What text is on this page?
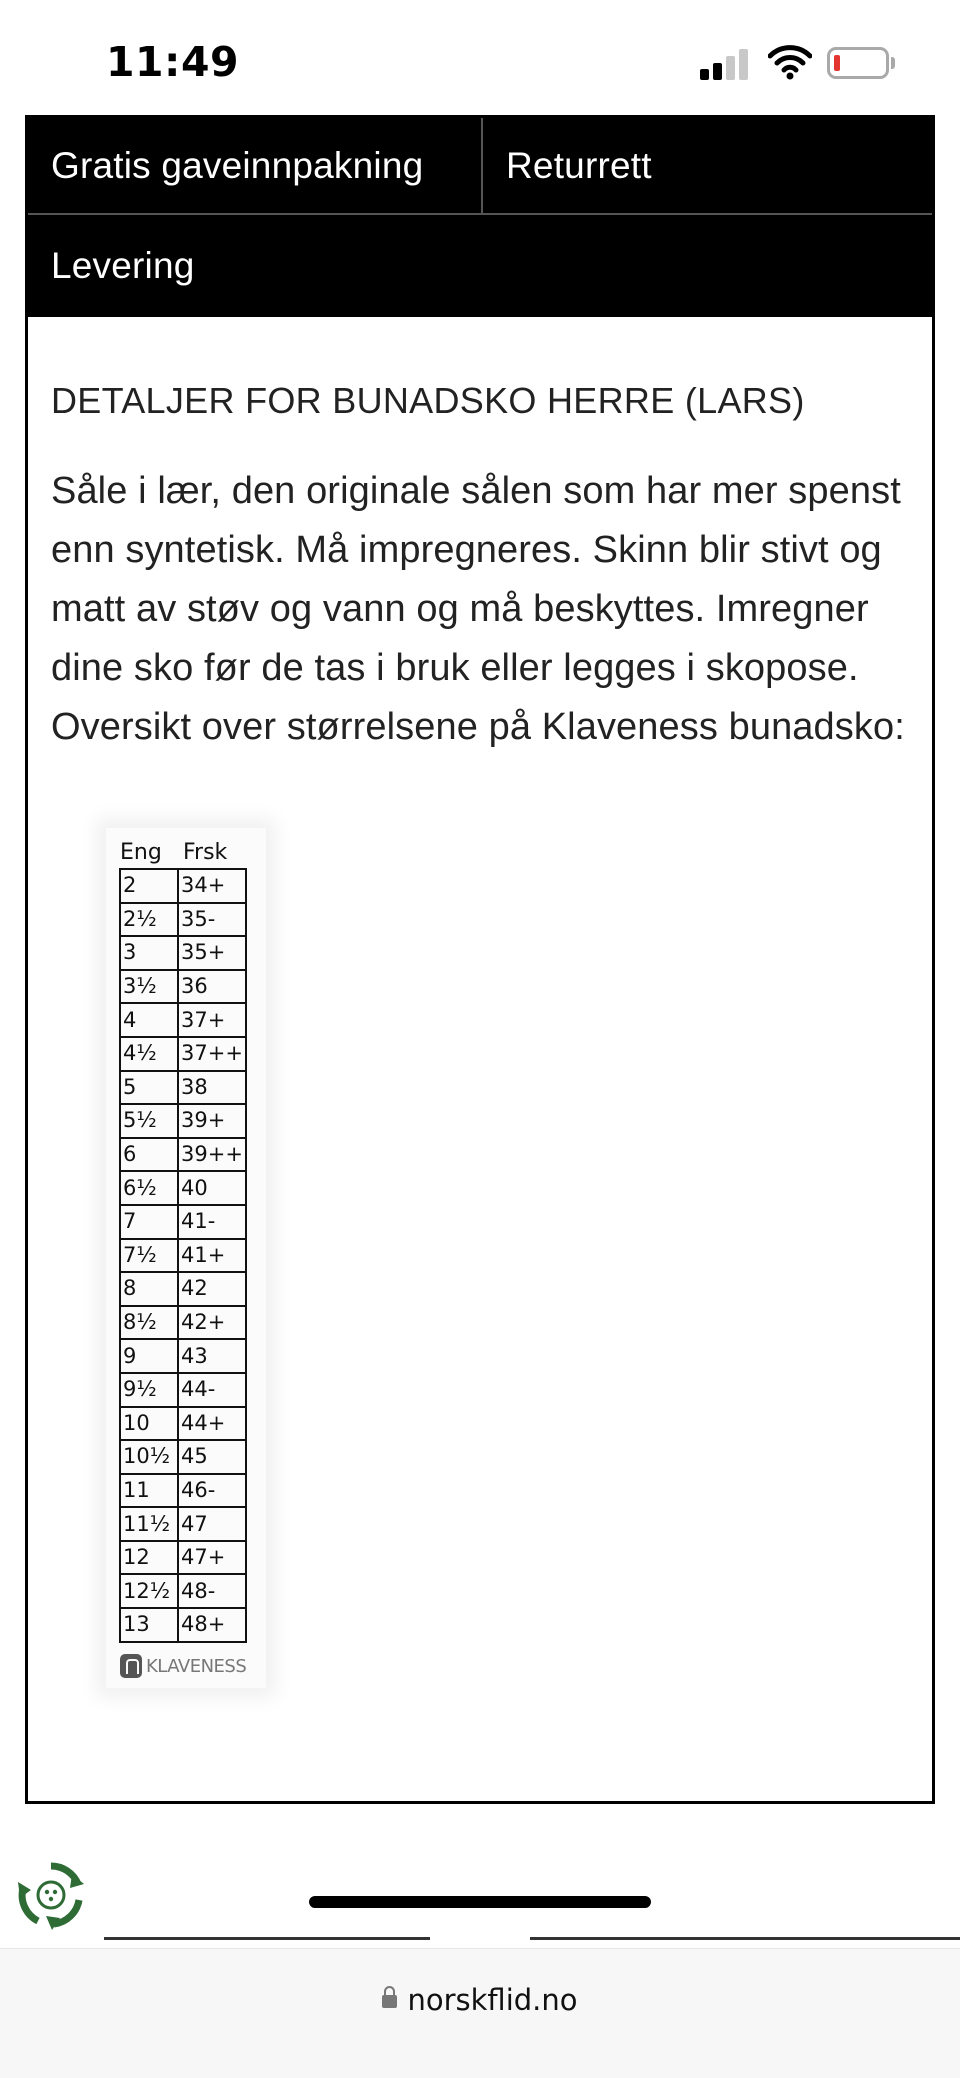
11:49
Gratis gaveinnpakning	Returrett
Levering
DETALJER FOR BUNADSKO HERRE (LARS)
Såle i lær, den originale sålen som har mer spenst enn syntetisk. Må impregneres. Skinn blir stivt og matt av støv og vann og må beskyttes. Imregner dine sko før de tas i bruk eller legges i skopose. Oversikt over størrelsene på Klaveness bunadsko:
Eng Frsk
2	34+
2½	35-
3	35+
3½	36
4	37+
4½	37++
5	38
5½	39+
6	39++
6½	40
7	41-
7½	41+
8	42
8½	42+
9	43
9½	44-
10	44+
10½	45
11	46-
11½	47
12	47+
12½	48-
13	48+
KLAVENESS
norskflid.no
